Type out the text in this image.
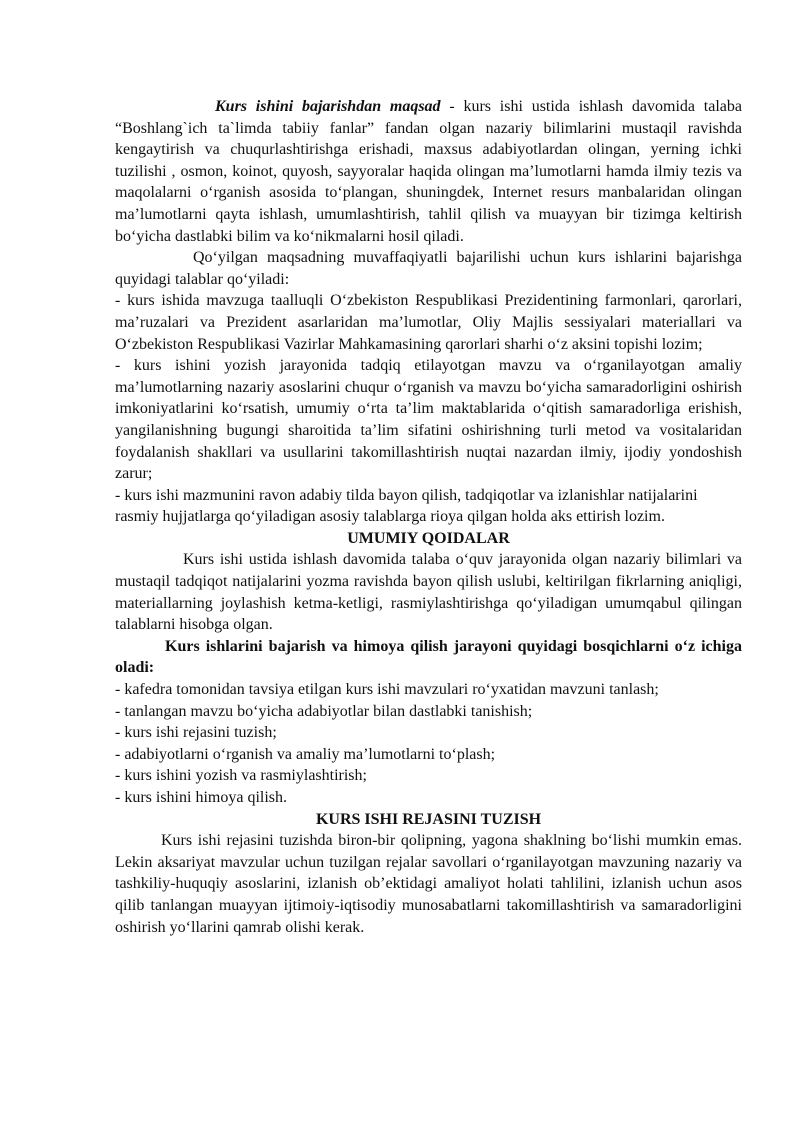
Kurs ishini bajarishdan maqsad - kurs ishi ustida ishlash davomida talaba “Boshlang`ich ta`limda tabiiy fanlar” fandan olgan nazariy bilimlarini mustaqil ravishda kengaytirish va chuqurlashtirishga erishadi, maxsus adabiyotlardan olingan, yerning ichki tuzilishi , osmon, koinot, quyosh, sayyoralar haqida olingan ma’lumotlarni hamda ilmiy tezis va maqolalarni o‘rganish asosida to‘plangan, shuningdek, Internet resurs manbalaridan olingan ma’lumotlarni qayta ishlash, umumlashtirish, tahlil qilish va muayyan bir tizimga keltirish bo‘yicha dastlabki bilim va ko‘nikmalarni hosil qiladi.

Qo‘yilgan maqsadning muvaffaqiyatli bajarilishi uchun kurs ishlarini bajarishga quyidagi talablar qo‘yiladi:

- kurs ishida mavzuga taalluqli O‘zbekiston Respublikasi Prezidentining farmonlari, qarorlari, ma’ruzalari va Prezident asarlaridan ma’lumotlar, Oliy Majlis sessiyalari materiallari va O‘zbekiston Respublikasi Vazirlar Mahkamasining qarorlari sharhi o‘z aksini topishi lozim;

- kurs ishini yozish jarayonida tadqiq etilayotgan mavzu va o‘rganilayotgan amaliy ma’lumotlarning nazariy asoslarini chuqur o‘rganish va mavzu bo‘yicha samaradorligini oshirish imkoniyatlarini ko‘rsatish, umumiy o‘rta ta’lim maktablarida o‘qitish samaradorliga erishish, yangilanishning bugungi sharoitida ta’lim sifatini oshirishning turli metod va vositalaridan foydalanish shakllari va usullarini takomillashtirish nuqtai nazardan ilmiy, ijodiy yondoshish zarur;

- kurs ishi mazmunini ravon adabiy tilda bayon qilish, tadqiqotlar va izlanishlar natijalarini rasmiy hujjatlarga qo‘yiladigan asosiy talablarga rioya qilgan holda aks ettirish lozim.

UMUMIY QOIDALAR

Kurs ishi ustida ishlash davomida talaba o‘quv jarayonida olgan nazariy bilimlari va mustaqil tadqiqot natijalarini yozma ravishda bayon qilish uslubi, keltirilgan fikrlarning aniqligi, materiallarning joylashish ketma-ketligi, rasmiylashtirishga qo‘yiladigan umumqabul qilingan talablarni hisobga olgan.

Kurs ishlarini bajarish va himoya qilish jarayoni quyidagi bosqichlarni o‘z ichiga oladi:

- kafedra tomonidan tavsiya etilgan kurs ishi mavzulari ro‘yxatidan mavzuni tanlash;

- tanlangan mavzu bo‘yicha adabiyotlar bilan dastlabki tanishish;

- kurs ishi rejasini tuzish;

- adabiyotlarni o‘rganish va amaliy ma’lumotlarni to‘plash;

- kurs ishini yozish va rasmiylashtirish;

- kurs ishini himoya qilish.

KURS ISHI REJASINI TUZISH

Kurs ishi rejasini tuzishda biron-bir qolipning, yagona shaklning bo‘lishi mumkin emas. Lekin aksariyat mavzular uchun tuzilgan rejalar savollari o‘rganilayotgan mavzuning nazariy va tashkiliy-huquqiy asoslarini, izlanish ob’ektidagi amaliyot holati tahlilini, izlanish uchun asos qilib tanlangan muayyan ijtimoiy-iqtisodiy munosabatlarni takomillashtirish va samaradorligini oshirish yo‘llarini qamrab olishi kerak.
